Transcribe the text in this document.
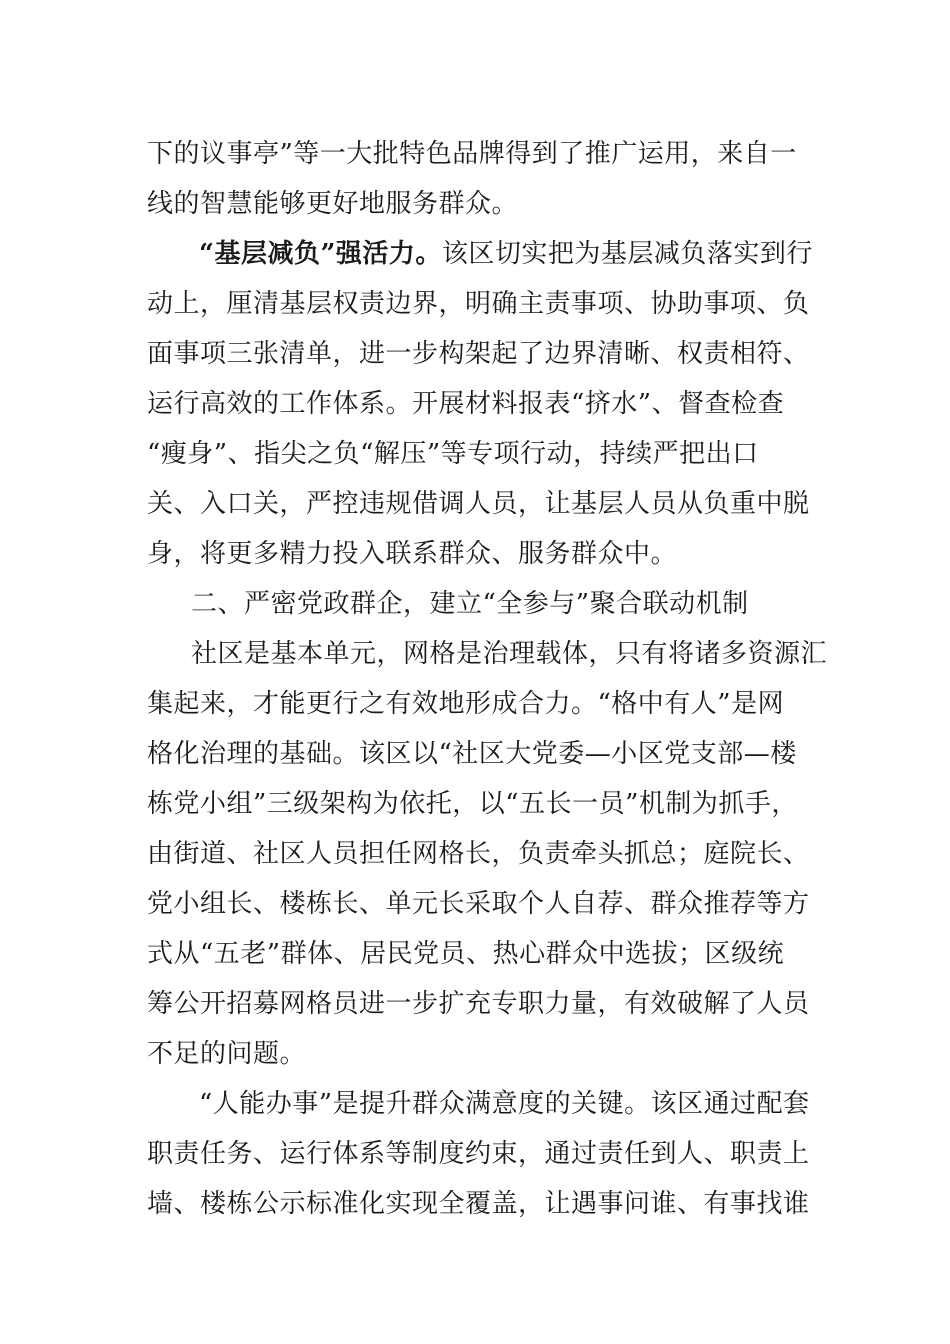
下的议事亭”等一大批特色品牌得到了推广运用，来自一
线的智慧能够更好地服务群众。
“基层减负”强活力。该区切实把为基层减负落实到行
动上，厘清基层权责边界，明确主责事项、协助事项、负
面事项三张清单，进一步构架起了边界清晰、权责相符、
运行高效的工作体系。开展材料报表“挤水”、督查检查
“瘦身”、指尖之负“解压”等专项行动，持续严把出口
关、入口关，严控违规借调人员，让基层人员从负重中脱
身，将更多精力投入联系群众、服务群众中。
二、严密党政群企，建立“全参与”聚合联动机制
社区是基本单元，网格是治理载体，只有将诸多资源汇
集起来，才能更行之有效地形成合力。“格中有人”是网
格化治理的基础。该区以“社区大党委—小区党支部—楼
栋党小组”三级架构为依托，以“五长一员”机制为抓手，
由街道、社区人员担任网格长，负责牵头抓总；庭院长、
党小组长、楼栋长、单元长采取个人自荐、群众推荐等方
式从“五老”群体、居民党员、热心群众中选拔；区级统
筹公开招募网格员进一步扩充专职力量，有效破解了人员
不足的问题。
“人能办事”是提升群众满意度的关键。该区通过配套
职责任务、运行体系等制度约束，通过责任到人、职责上
墙、楼栋公示标准化实现全覆盖，让遇事问谁、有事找谁
